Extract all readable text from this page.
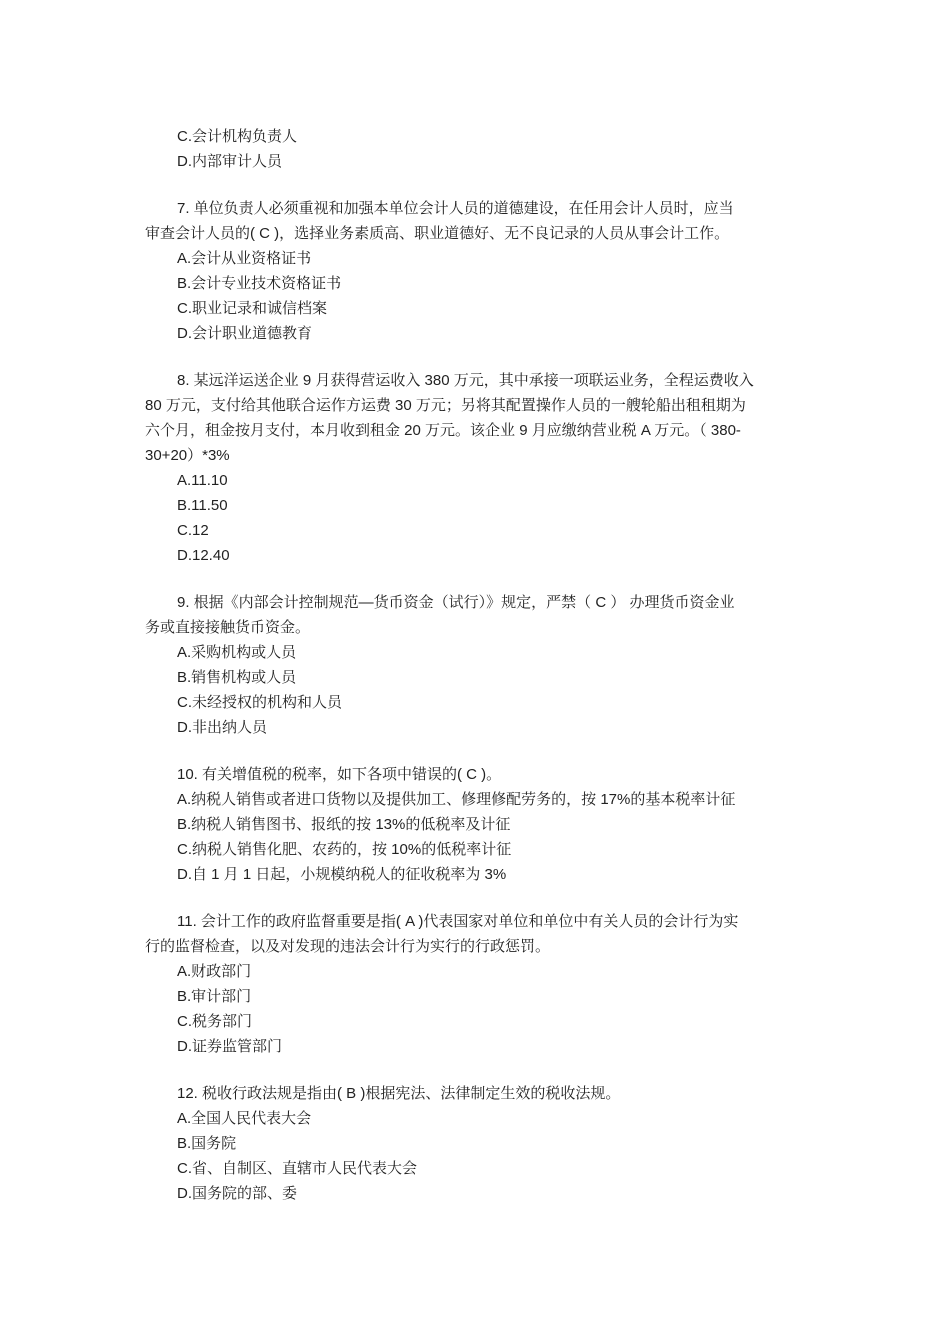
C.会计机构负责人
D.内部审计人员
7. 单位负责人必须重视和加强本单位会计人员的道德建设，在任用会计人员时，应当
审查会计人员的( C )，选择业务素质高、职业道德好、无不良记录的人员从事会计工作。
A.会计从业资格证书
B.会计专业技术资格证书
C.职业记录和诚信档案
D.会计职业道德教育
8. 某远洋运送企业 9 月获得营运收入 380 万元，其中承接一项联运业务，全程运费收入
80 万元，支付给其他联合运作方运费 30 万元；另将其配置操作人员的一艘轮船出租租期为
六个月，租金按月支付，本月收到租金 20 万元。该企业 9 月应缴纳营业税 A 万元。（ 380-
30+20）*3%
A.11.10
B.11.50
C.12
D.12.40
9. 根据《内部会计控制规范—货币资金（试行）》规定，严禁（ C ） 办理货币资金业
务或直接接触货币资金。
A.采购机构或人员
B.销售机构或人员
C.未经授权的机构和人员
D.非出纳人员
10. 有关增值税的税率，如下各项中错误的( C )。
A.纳税人销售或者进口货物以及提供加工、修理修配劳务的，按 17%的基本税率计征
B.纳税人销售图书、报纸的按 13%的低税率及计征
C.纳税人销售化肥、农药的，按 10%的低税率计征
D.自 1 月 1 日起，小规模纳税人的征收税率为 3%
11. 会计工作的政府监督重要是指( A )代表国家对单位和单位中有关人员的会计行为实
行的监督检查，以及对发现的违法会计行为实行的行政惩罚。
A.财政部门
B.审计部门
C.税务部门
D.证券监管部门
12. 税收行政法规是指由( B )根据宪法、法律制定生效的税收法规。
A.全国人民代表大会
B.国务院
C.省、自制区、直辖市人民代表大会
D.国务院的部、委
